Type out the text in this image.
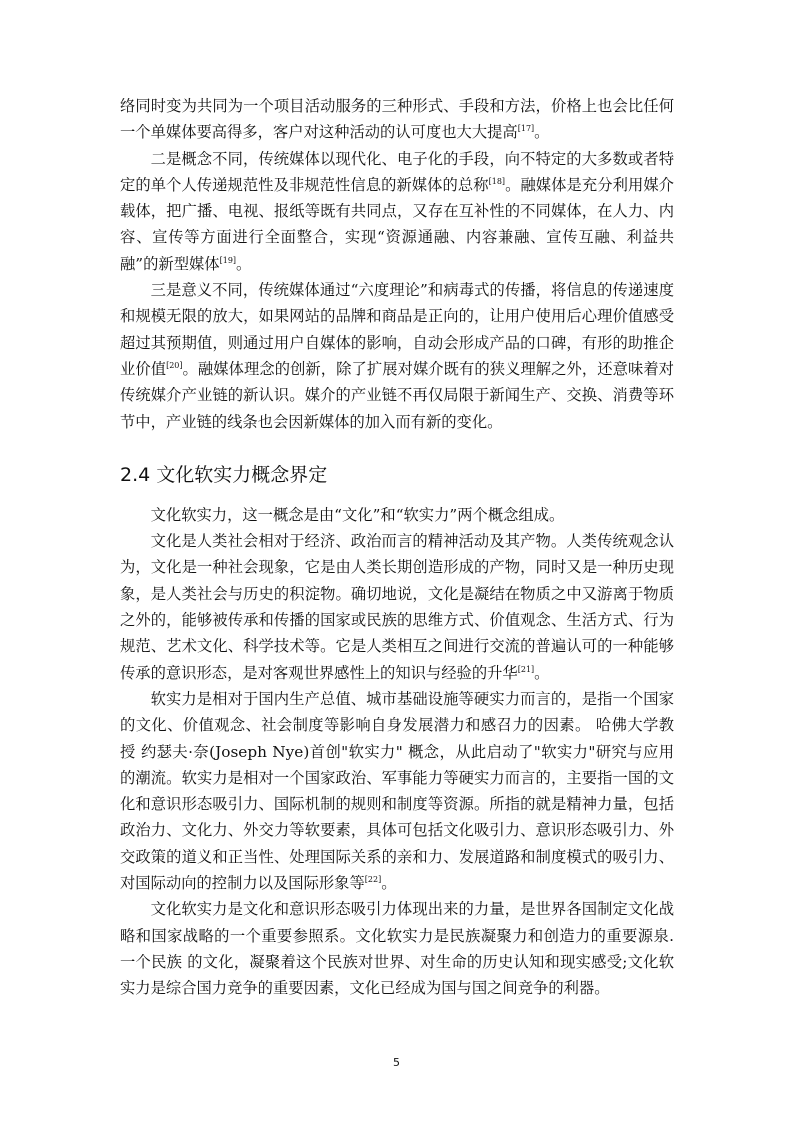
络同时变为共同为一个项目活动服务的三种形式、手段和方法，价格上也会比任何一个单媒体要高得多，客户对这种活动的认可度也大大提高[17]。

二是概念不同，传统媒体以现代化、电子化的手段，向不特定的大多数或者特定的单个人传递规范性及非规范性信息的新媒体的总称[18]。融媒体是充分利用媒介载体，把广播、电视、报纸等既有共同点，又存在互补性的不同媒体，在人力、内容、宣传等方面进行全面整合，实现“资源通融、内容兼融、宣传互融、利益共融”的新型媒体[19]。

三是意义不同，传统媒体通过“六度理论”和病毒式的传播，将信息的传递速度和规模无限的放大，如果网站的品牌和商品是正向的，让用户使用后心理价值感受超过其预期值，则通过用户自媒体的影响，自动会形成产品的口碑，有形的助推企业价值[20]。融媒体理念的创新，除了扩展对媒介既有的狭义理解之外，还意味着对传统媒介产业链的新认识。媒介的产业链不再仅局限于新闻生产、交换、消费等环节中，产业链的线条也会因新媒体的加入而有新的变化。

2.4 文化软实力概念界定

文化软实力，这一概念是由“文化”和“软实力”两个概念组成。

文化是人类社会相对于经济、政治而言的精神活动及其产物。人类传统观念认为，文化是一种社会现象，它是由人类长期创造形成的产物，同时又是一种历史现象，是人类社会与历史的积淀物。确切地说，文化是凝结在物质之中又游离于物质之外的，能够被传承和传播的国家或民族的思维方式、价值观念、生活方式、行为规范、艺术文化、科学技术等。它是人类相互之间进行交流的普遍认可的一种能够传承的意识形态，是对客观世界感性上的知识与经验的升华[21]。

软实力是相对于国内生产总值、城市基础设施等硬实力而言的，是指一个国家的文化、价值观念、社会制度等影响自身发展潜力和感召力的因素。 哈佛大学教授 约瑟夫·奈(Joseph Nye)首创"软实力" 概念，从此启动了"软实力"研究与应用的潮流。软实力是相对一个国家政治、军事能力等硬实力而言的，主要指一国的文化和意识形态吸引力、国际机制的规则和制度等资源。所指的就是精神力量，包括政治力、文化力、外交力等软要素，具体可包括文化吸引力、意识形态吸引力、外交政策的道义和正当性、处理国际关系的亲和力、发展道路和制度模式的吸引力、对国际动向的控制力以及国际形象等[22]。

文化软实力是文化和意识形态吸引力体现出来的力量，是世界各国制定文化战略和国家战略的一个重要参照系。文化软实力是民族凝聚力和创造力的重要源泉. 一个民族 的文化，凝聚着这个民族对世界、对生命的历史认知和现实感受;文化软实力是综合国力竞争的重要因素，文化已经成为国与国之间竞争的利器。

5
